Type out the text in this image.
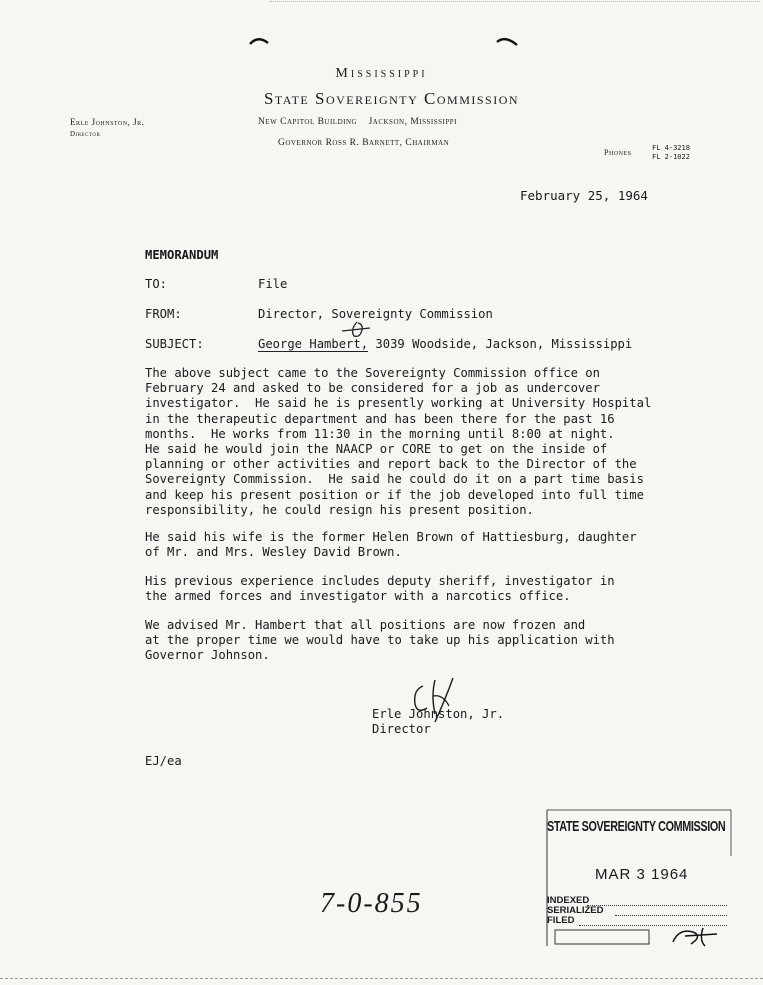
Mississippi
State Sovereignty Commission
Erle Johnston, Jr.
Director
New Capitol Building    Jackson, Mississippi
Governor Ross R. Barnett, Chairman
Phones	FL 4-3218
FL 2-1022
February 25, 1964
MEMORANDUM
TO:	File
FROM:	Director, Sovereignty Commission
SUBJECT:	George Hambert, 3039 Woodside, Jackson, Mississippi
The above subject came to the Sovereignty Commission office on
February 24 and asked to be considered for a job as undercover
investigator.  He said he is presently working at University Hospital
in the therapeutic department and has been there for the past 16
months.  He works from 11:30 in the morning until 8:00 at night.
He said he would join the NAACP or CORE to get on the inside of
planning or other activities and report back to the Director of the
Sovereignty Commission.  He said he could do it on a part time basis
and keep his present position or if the job developed into full time
responsibility, he could resign his present position.
He said his wife is the former Helen Brown of Hattiesburg, daughter
of Mr. and Mrs. Wesley David Brown.
His previous experience includes deputy sheriff, investigator in
the armed forces and investigator with a narcotics office.
We advised Mr. Hambert that all positions are now frozen and
at the proper time we would have to take up his application with
Governor Johnson.
Erle Johnston, Jr.
Director
EJ/ea
7-0-855
STATE SOVEREIGNTY COMMISSION
MAR 3 1964
INDEXED
SERIALIZED
FILED
